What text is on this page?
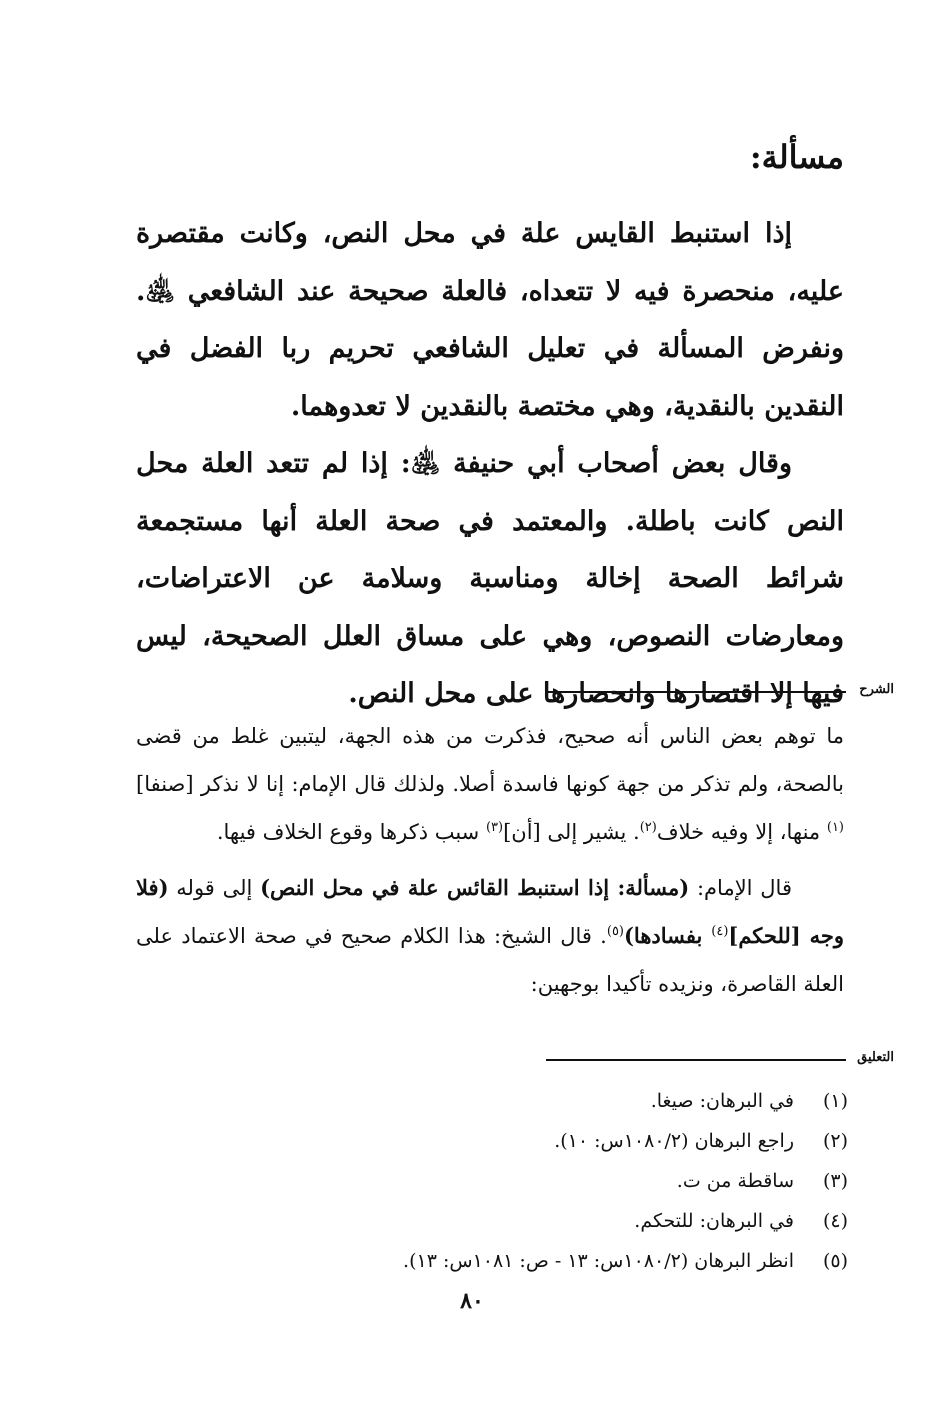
مسألة:

إذا استنبط القايس علة في محل النص، وكانت مقتصرة عليه، منحصرة فيه لا تتعداه، فالعلة صحيحة عند الشافعي ﵁. ونفرض المسألة في تعليل الشافعي تحريم ربا الفضل في النقدين بالنقدية، وهي مختصة بالنقدين لا تعدوهما.

وقال بعض أصحاب أبي حنيفة ﵁: إذا لم تتعد العلة محل النص كانت باطلة. والمعتمد في صحة العلة أنها مستجمعة شرائط الصحة إخالة ومناسبة وسلامة عن الاعتراضات، ومعارضات النصوص، وهي على مساق العلل الصحيحة، ليس فيها إلا اقتصارها وانحصارها على محل النص. الشرح

ما توهم بعض الناس أنه صحيح، فذكرت من هذه الجهة، ليتبين غلط من قضى بالصحة، ولم تذكر من جهة كونها فاسدة أصلا. ولذلك قال الإمام: إنا لا نذكر [صنفا]$^{(١)}$ منها، إلا وفيه خلاف$^{(٢)}$. يشير إلى [أن]$^{(٣)}$ سبب ذكرها وقوع الخلاف فيها.

قال الإمام: (مسألة: إذا استنبط القائس علة في محل النص) إلى قوله (فلا وجه [للحكم]$^{(٤)}$ بفسادها)$^{(٥)}$. قال الشيخ: هذا الكلام صحيح في صحة الاعتماد على العلة القاصرة، ونزيده تأكيدا بوجهين:

التعليق
(١)
في البرهان: صيغا.
(٢)
راجع البرهان (١٠٨٠/٢س: ١٠).
(٣)
ساقطة من ت.
(٤)
في البرهان: للتحكم.
(٥)
انظر البرهان (١٠٨٠/٢س: ١٣ - ص: ١٠٨١س: ١٣).
٨٠
